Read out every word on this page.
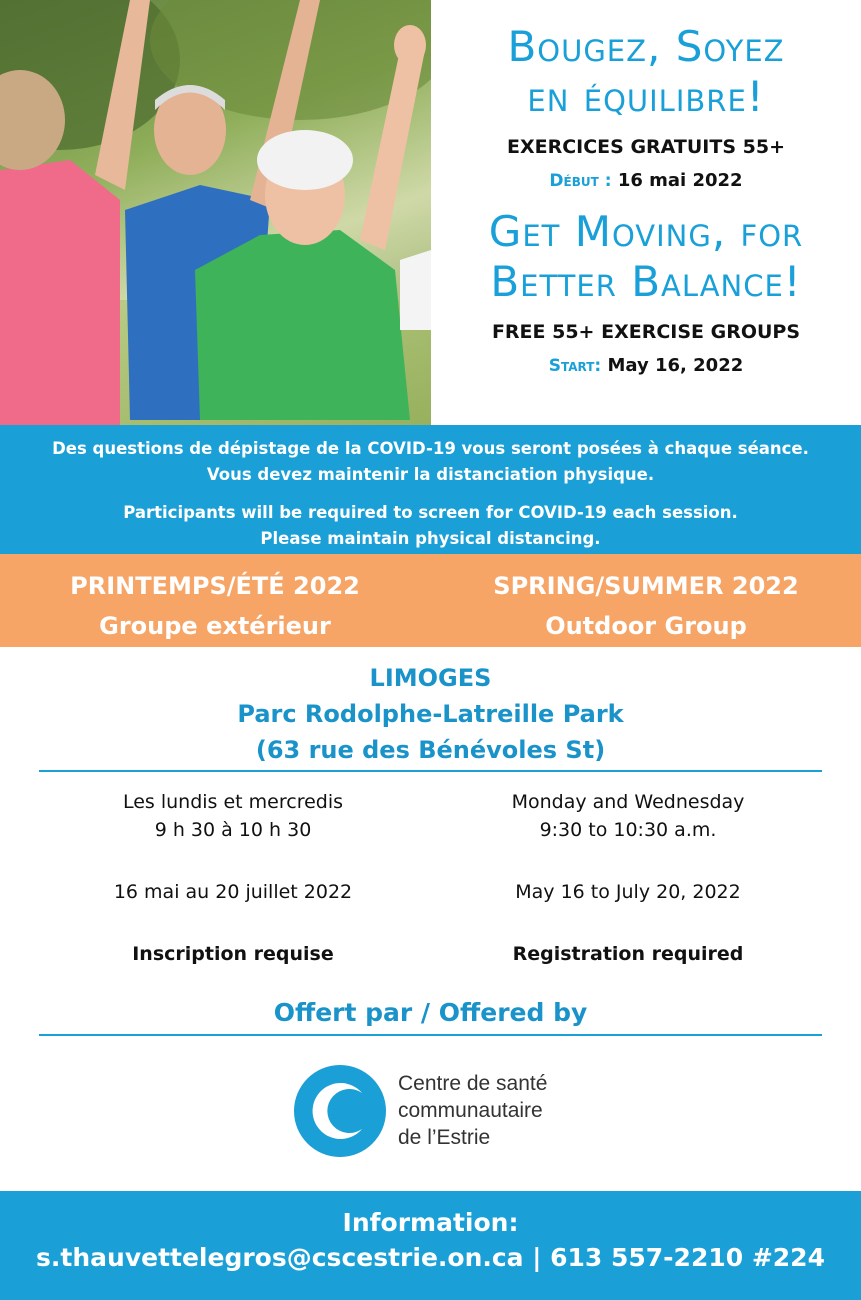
Bougez, Soyez
en équilibre!

EXERCICES GRATUITS 55+

Début : 16 mai 2022

Get Moving, for
Better Balance!

FREE 55+ EXERCISE GROUPS

Start: May 16, 2022

Des questions de dépistage de la COVID-19 vous seront posées à chaque séance.

Vous devez maintenir la distanciation physique.

Participants will be required to screen for COVID-19 each session.

Please maintain physical distancing.

PRINTEMPS/ÉTÉ 2022
Groupe extérieur
SPRING/SUMMER 2022
Outdoor Group
LIMOGES
Parc Rodolphe-Latreille Park
(63 rue des Bénévoles St)
Les lundis et mercredis
9 h 30 à 10 h 30
16 mai au 20 juillet 2022
Inscription requise
Monday and Wednesday
9:30 to 10:30 a.m.
May 16 to July 20, 2022
Registration required
Offert par / Offered by
Centre de santé
communautaire
de l’Estrie
Information:
s.thauvettelegros@cscestrie.on.ca | 613 557-2210 #224
